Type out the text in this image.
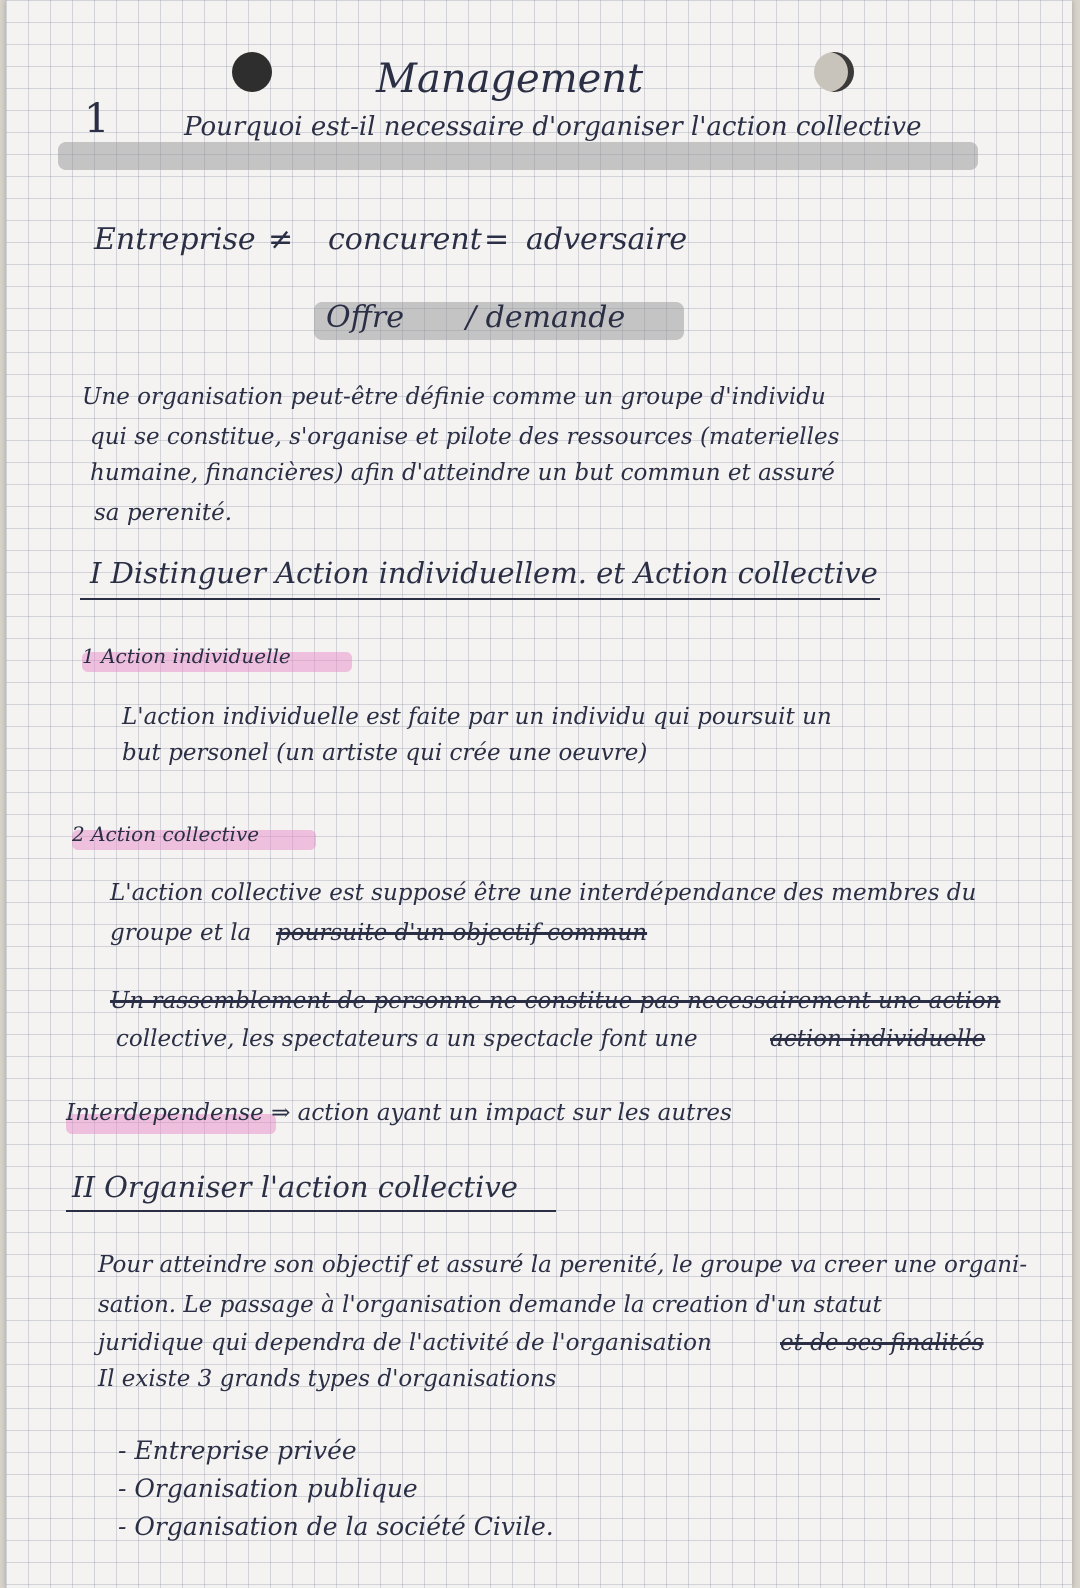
Management
1	Pourquoi est-il necessaire d'organiser l'action collective
Entreprise ≠ concurent = adversaire
Offre / demande
Une organisation peut-être définie comme un groupe d'individu
qui se constitue, s'organise et pilote des ressources (materielles
humaine, financières) afin d'atteindre un but commun et assuré
sa perenité.
I Distinguer Action individuellem. et Action collective
1 Action individuelle
L'action individuelle est faite par un individu qui poursuit un
but personel (un artiste qui crée une oeuvre)
2 Action collective
L'action collective est supposé être une interdépendance des membres du
groupe et la poursuite d'un objectif commun
Un rassemblement de personne ne constitue pas necessairement une action
collective, les spectateurs a un spectacle font une	action individuelle
Interdependense ⇒ action ayant un impact sur les autres
II Organiser l'action collective
Pour atteindre son objectif et assuré la perenité, le groupe va creer une organi-
sation. Le passage à l'organisation demande la creation d'un statut
juridique qui dependra de l'activité de l'organisation	et de ses finalités
Il existe 3 grands types d'organisations
- Entreprise privée
- Organisation publique
- Organisation de la société Civile.
